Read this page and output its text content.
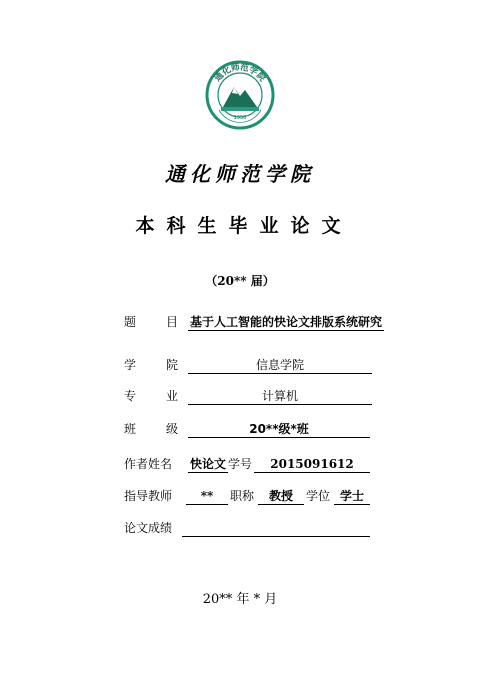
通化师范学院
1958
通化师范学院
本科生毕业论文
（20** 届）
题 目 基于人工智能的快论文排版系统研究
学 院	信息学院
专 业	计算机
班 级	20**级*班
作者姓名 快论文 学号	2015091612
指导教师	**	职称	教授	学位 学士
论文成绩
20** 年 * 月
